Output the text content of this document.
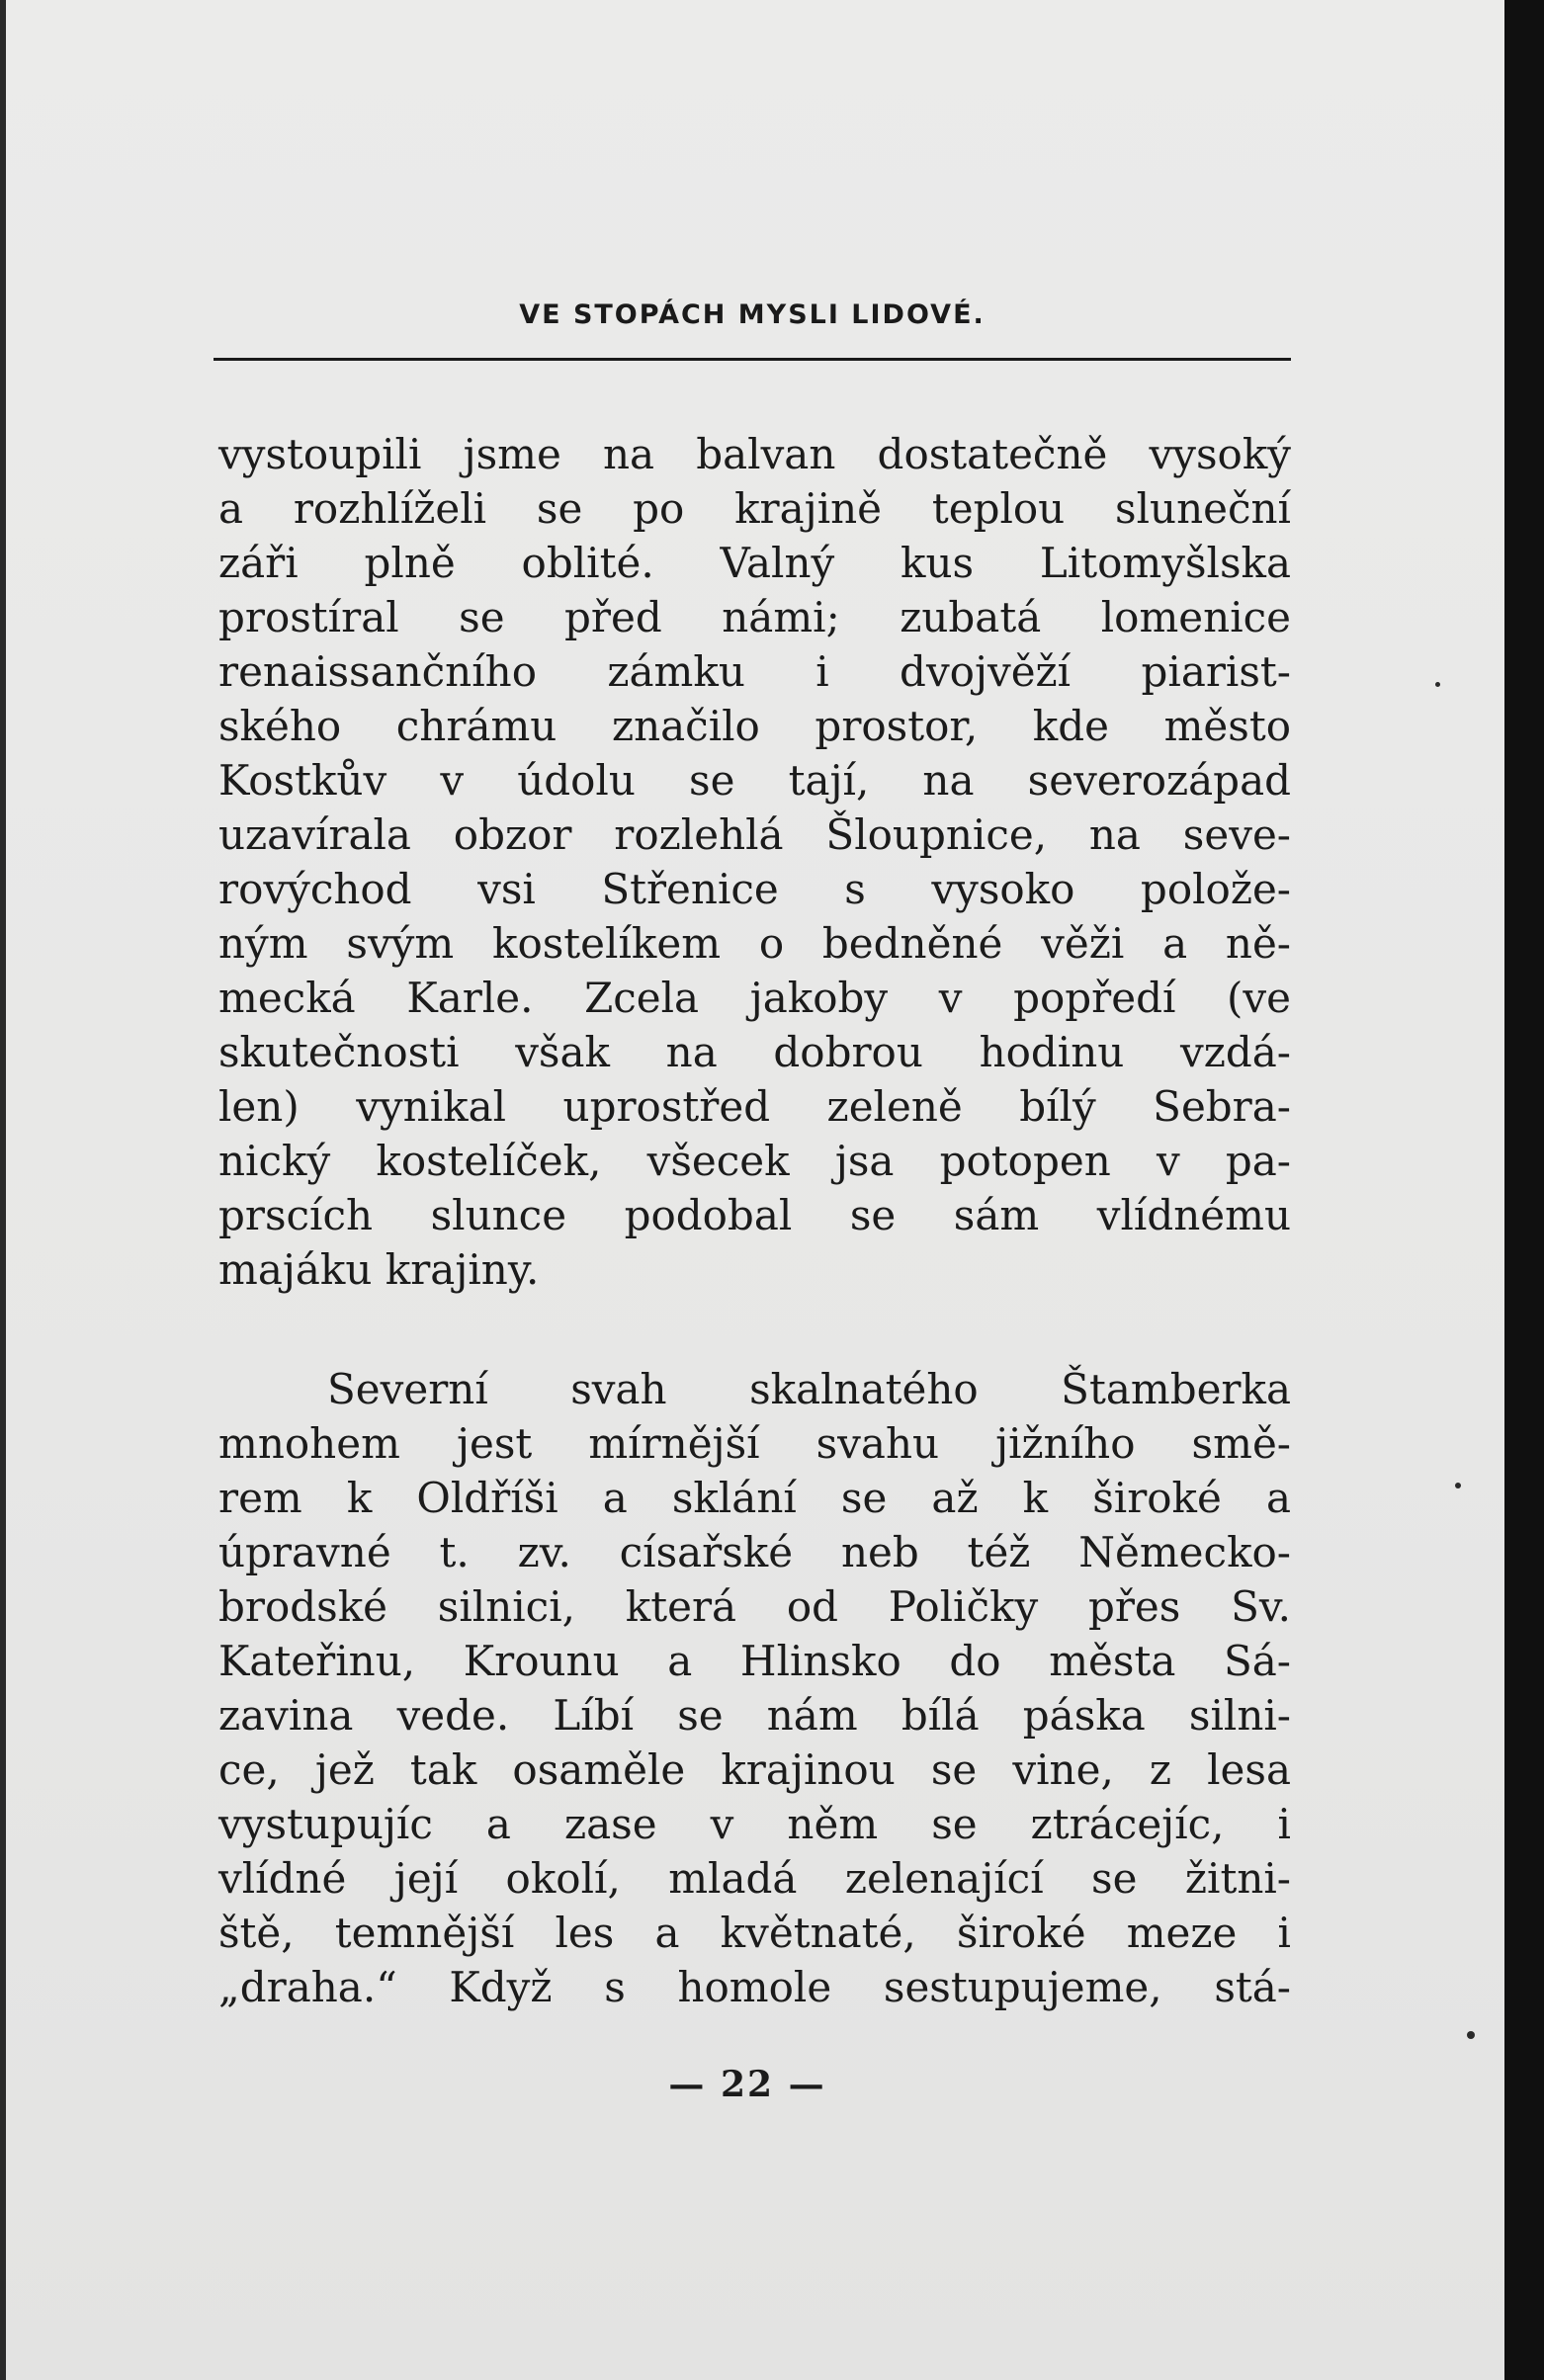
VE STOPÁCH MYSLI LIDOVÉ.
vystoupili jsme na balvan dostatečně vysoký
a rozhlíželi se po krajině teplou sluneční
záři plně oblité. Valný kus Litomyšlska
prostíral se před námi; zubatá lomenice
renaissančního zámku i dvojvěží piarist-
ského chrámu značilo prostor, kde město
Kostkův v údolu se tají, na severozápad
uzavírala obzor rozlehlá Šloupnice, na seve-
rovýchod vsi Střenice s vysoko polože-
ným svým kostelíkem o bedněné věži a ně-
mecká Karle. Zcela jakoby v popředí (ve
skutečnosti však na dobrou hodinu vzdá-
len) vynikal uprostřed zeleně bílý Sebra-
nický kostelíček, všecek jsa potopen v pa-
prscích slunce podobal se sám vlídnému
majáku krajiny.
Severní svah skalnatého Štamberka
mnohem jest mírnější svahu jižního smě-
rem k Oldříši a sklání se až k široké a
úpravné t. zv. císařské neb též Německo-
brodské silnici, která od Poličky přes Sv.
Kateřinu, Krounu a Hlinsko do města Sá-
zavina vede. Líbí se nám bílá páska silni-
ce, jež tak osaměle krajinou se vine, z lesa
vystupujíc a zase v něm se ztrácejíc, i
vlídné její okolí, mladá zelenající se žitni-
ště, temnější les a květnaté, široké meze i
„draha.“ Když s homole sestupujeme, stá-
— 22 —
